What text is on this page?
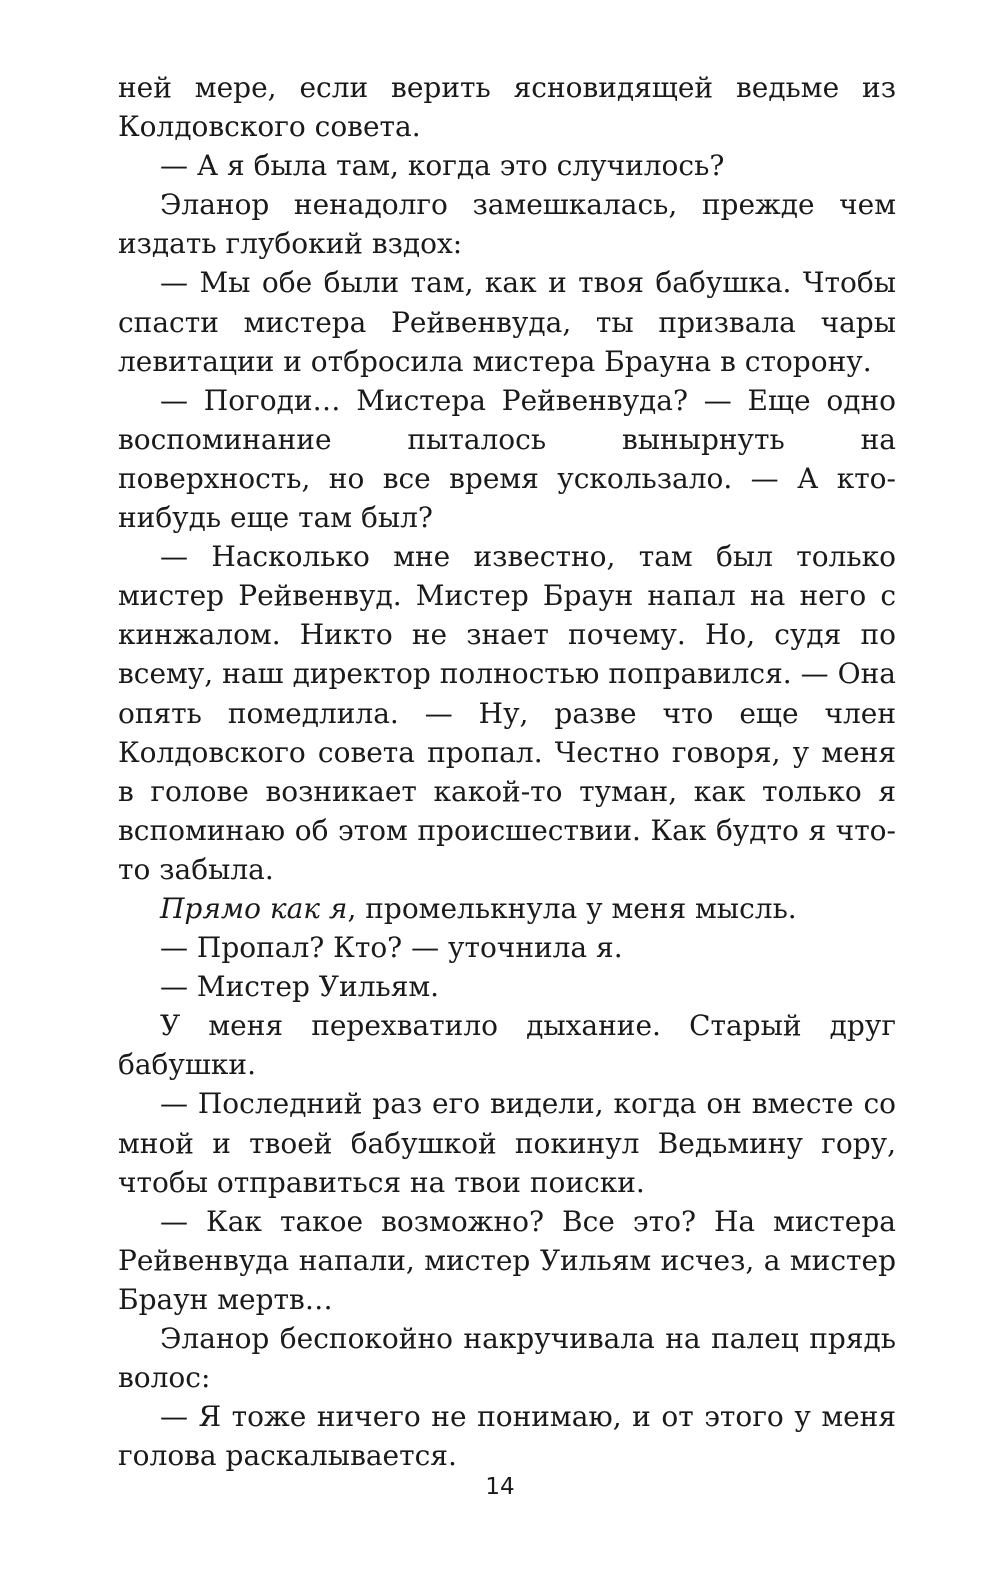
ней мере, если верить ясновидящей ведьме из Колдовского совета.

— А я была там, когда это случилось?

Эланор ненадолго замешкалась, прежде чем издать глубокий вздох:

— Мы обе были там, как и твоя бабушка. Чтобы спасти мистера Рейвенвуда, ты призвала чары левитации и отбросила мистера Брауна в сторону.

— Погоди… Мистера Рейвенвуда? — Еще одно воспоминание пыталось вынырнуть на поверхность, но все время ускользало. — А кто-нибудь еще там был?

— Насколько мне известно, там был только мистер Рейвенвуд. Мистер Браун напал на него с кинжалом. Никто не знает почему. Но, судя по всему, наш директор полностью поправился. — Она опять помедлила. — Ну, разве что еще член Колдовского совета пропал. Честно говоря, у меня в голове возникает какой-то туман, как только я вспоминаю об этом происшествии. Как будто я что-то забыла.

Прямо как я, промелькнула у меня мысль.

— Пропал? Кто? — уточнила я.

— Мистер Уильям.

У меня перехватило дыхание. Старый друг бабушки.

— Последний раз его видели, когда он вместе со мной и твоей бабушкой покинул Ведьмину гору, чтобы отправиться на твои поиски.

— Как такое возможно? Все это? На мистера Рейвенвуда напали, мистер Уильям исчез, а мистер Браун мертв…

Эланор беспокойно накручивала на палец прядь волос:

— Я тоже ничего не понимаю, и от этого у меня голова раскалывается.

14
